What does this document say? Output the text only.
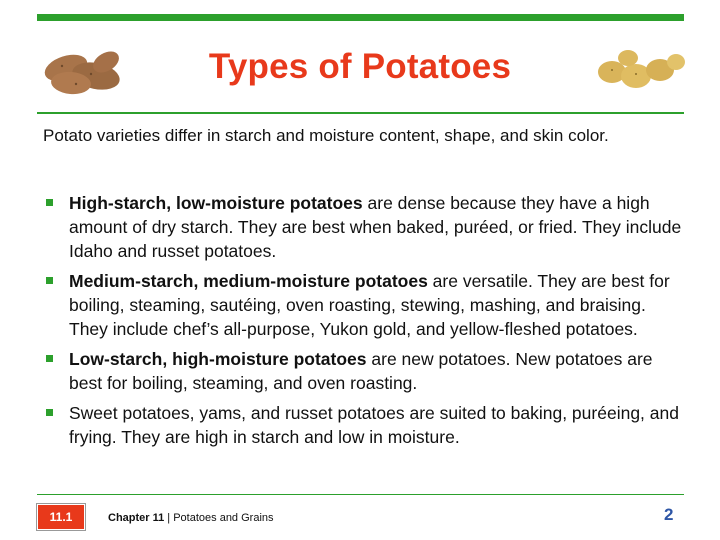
Types of Potatoes
Potato varieties differ in starch and moisture content, shape, and skin color.
High-starch, low-moisture potatoes are dense because they have a high amount of dry starch. They are best when baked, puréed, or fried. They include Idaho and russet potatoes.
Medium-starch, medium-moisture potatoes are versatile. They are best for boiling, steaming, sautéing, oven roasting, stewing, mashing, and braising. They include chef’s all-purpose, Yukon gold, and yellow-fleshed potatoes.
Low-starch, high-moisture potatoes are new potatoes. New potatoes are best for boiling, steaming, and oven roasting.
Sweet potatoes, yams, and russet potatoes are suited to baking, puréeing, and frying. They are high in starch and low in moisture.
11.1	Chapter 11 | Potatoes and Grains	2
